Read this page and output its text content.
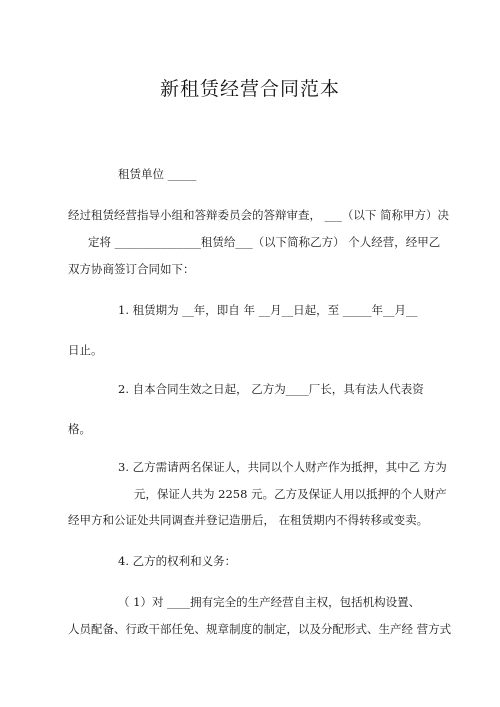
新租赁经营合同范本
租赁单位 _____
经过租赁经营指导小组和答辩委员会的答辩审查， ___（以下 简称甲方）决
定将 _______________租赁给___（以下简称乙方） 个人经营，经甲乙
双方协商签订合同如下：
1. 租赁期为 __年，即自 年 __月__日起，至 _____年__月__
日止。
2. 自本合同生效之日起， 乙方为____厂长，具有法人代表资
格。
3. 乙方需请两名保证人，共同以个人财产作为抵押，其中乙 方为
元，保证人共为 2258 元。乙方及保证人用以抵押的个人财产
经甲方和公证处共同调查并登记造册后， 在租赁期内不得转移或变卖。
4. 乙方的权利和义务：
（ 1）对 ____拥有完全的生产经营自主权，包括机构设置、
人员配备、行政干部任免、规章制度的制定，以及分配形式、生产经 营方式
